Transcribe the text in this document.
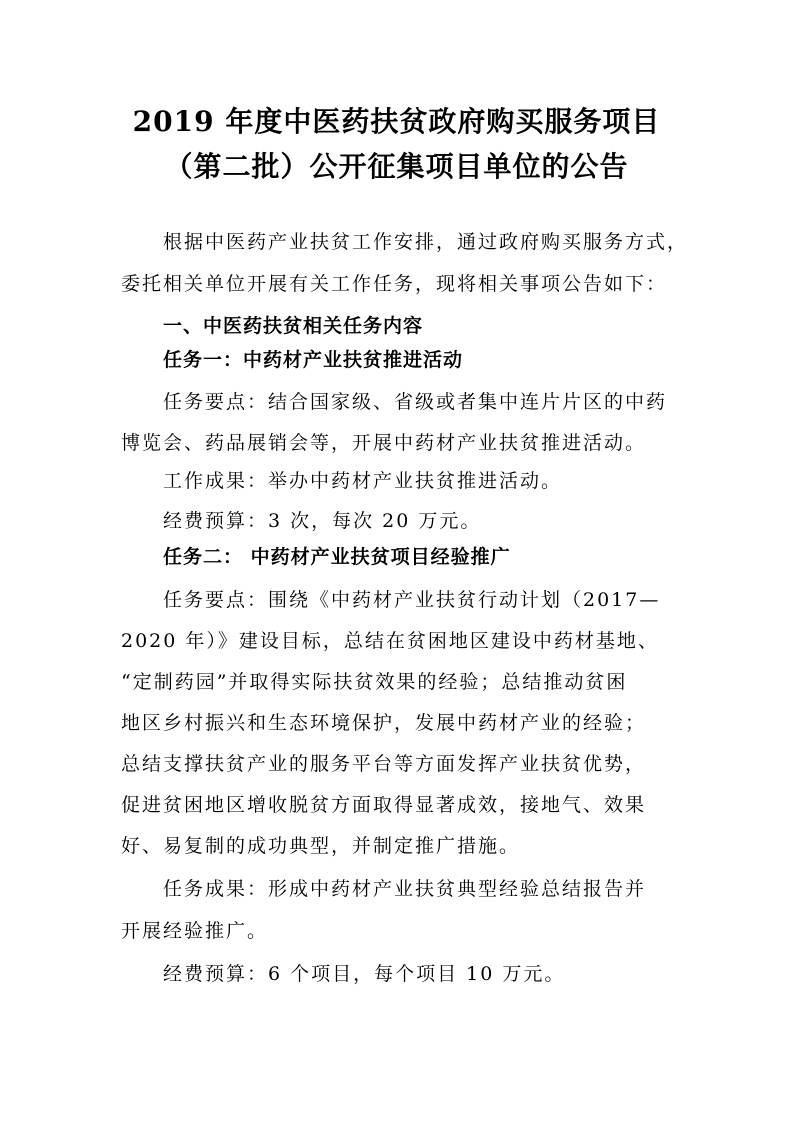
2019 年度中医药扶贫政府购买服务项目
（第二批）公开征集项目单位的公告
根据中医药产业扶贫工作安排，通过政府购买服务方式，
委托相关单位开展有关工作任务，现将相关事项公告如下：
一、中医药扶贫相关任务内容
任务一：中药材产业扶贫推进活动
任务要点：结合国家级、省级或者集中连片片区的中药
博览会、药品展销会等，开展中药材产业扶贫推进活动。
工作成果：举办中药材产业扶贫推进活动。
经费预算：3 次，每次 20 万元。
任务二： 中药材产业扶贫项目经验推广
任务要点：围绕《中药材产业扶贫行动计划（2017—
2020 年）》建设目标，总结在贫困地区建设中药材基地、
“定制药园”并取得实际扶贫效果的经验；总结推动贫困
地区乡村振兴和生态环境保护，发展中药材产业的经验；
总结支撑扶贫产业的服务平台等方面发挥产业扶贫优势，
促进贫困地区增收脱贫方面取得显著成效，接地气、效果
好、易复制的成功典型，并制定推广措施。
任务成果：形成中药材产业扶贫典型经验总结报告并
开展经验推广。
经费预算：6 个项目，每个项目 10 万元。
